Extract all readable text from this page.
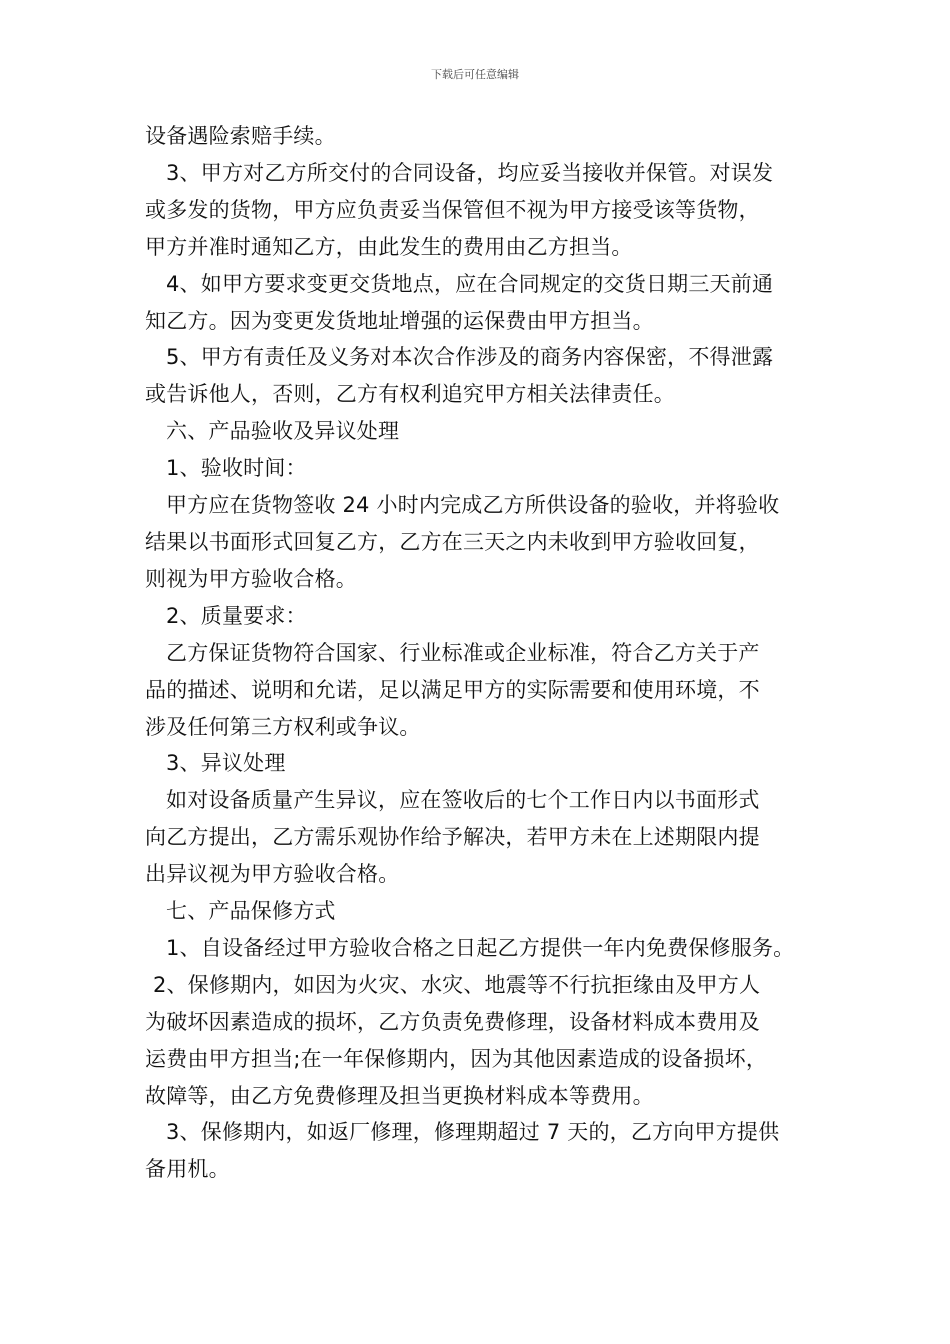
下载后可任意编辑

设备遇险索赔手续。

3、甲方对乙方所交付的合同设备，均应妥当接收并保管。对误发

或多发的货物，甲方应负责妥当保管但不视为甲方接受该等货物，

甲方并准时通知乙方，由此发生的费用由乙方担当。

4、如甲方要求变更交货地点，应在合同规定的交货日期三天前通

知乙方。因为变更发货地址增强的运保费由甲方担当。

5、甲方有责任及义务对本次合作涉及的商务内容保密，不得泄露

或告诉他人，否则，乙方有权利追究甲方相关法律责任。

六、产品验收及异议处理

1、验收时间：

甲方应在货物签收 24 小时内完成乙方所供设备的验收，并将验收

结果以书面形式回复乙方，乙方在三天之内未收到甲方验收回复，

则视为甲方验收合格。

2、质量要求：

乙方保证货物符合国家、行业标准或企业标准，符合乙方关于产

品的描述、说明和允诺，足以满足甲方的实际需要和使用环境，不

涉及任何第三方权利或争议。

3、异议处理

如对设备质量产生异议，应在签收后的七个工作日内以书面形式

向乙方提出，乙方需乐观协作给予解决，若甲方未在上述期限内提

出异议视为甲方验收合格。

七、产品保修方式

1、自设备经过甲方验收合格之日起乙方提供一年内免费保修服务。

2、保修期内，如因为火灾、水灾、地震等不行抗拒缘由及甲方人

为破坏因素造成的损坏，乙方负责免费修理，设备材料成本费用及

运费由甲方担当;在一年保修期内，因为其他因素造成的设备损坏，

故障等，由乙方免费修理及担当更换材料成本等费用。

3、保修期内，如返厂修理，修理期超过 7 天的，乙方向甲方提供

备用机。
